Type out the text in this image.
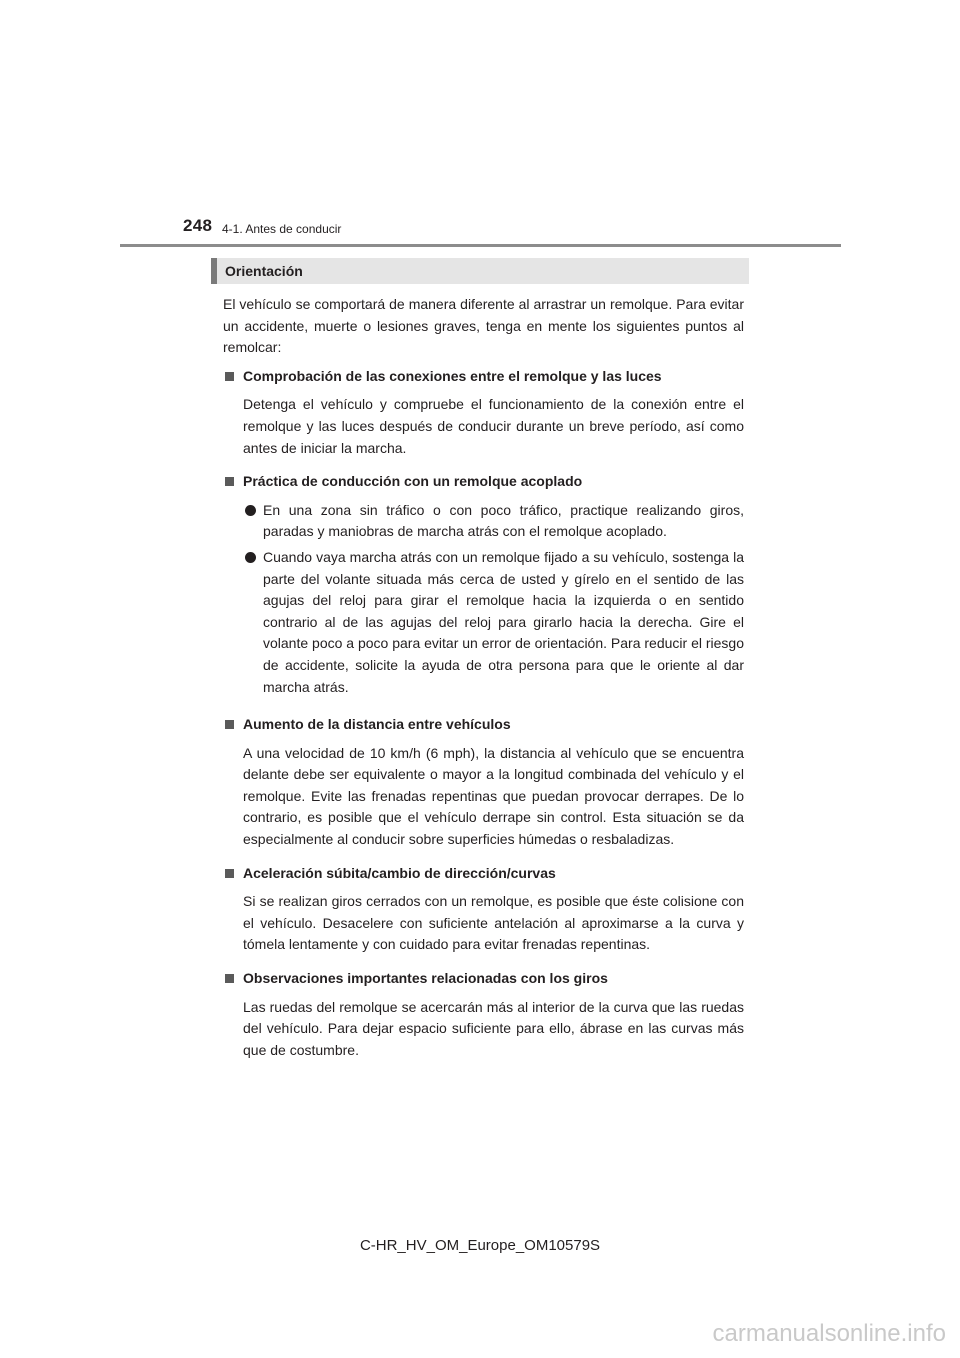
248 4-1. Antes de conducir
Orientación

El vehículo se comportará de manera diferente al arrastrar un remolque. Para evitar un accidente, muerte o lesiones graves, tenga en mente los siguientes puntos al remolcar:

Comprobación de las conexiones entre el remolque y las luces

Detenga el vehículo y compruebe el funcionamiento de la conexión entre el remolque y las luces después de conducir durante un breve período, así como antes de iniciar la marcha.

Práctica de conducción con un remolque acoplado

En una zona sin tráfico o con poco tráfico, practique realizando giros, paradas y maniobras de marcha atrás con el remolque acoplado.

Cuando vaya marcha atrás con un remolque fijado a su vehículo, sostenga la parte del volante situada más cerca de usted y gírelo en el sentido de las agujas del reloj para girar el remolque hacia la izquierda o en sentido contrario al de las agujas del reloj para girarlo hacia la derecha. Gire el volante poco a poco para evitar un error de orientación. Para reducir el riesgo de accidente, solicite la ayuda de otra persona para que le oriente al dar marcha atrás.

Aumento de la distancia entre vehículos

A una velocidad de 10 km/h (6 mph), la distancia al vehículo que se encuentra delante debe ser equivalente o mayor a la longitud combinada del vehículo y el remolque. Evite las frenadas repentinas que puedan provocar derrapes. De lo contrario, es posible que el vehículo derrape sin control. Esta situación se da especialmente al conducir sobre superficies húmedas o resbaladizas.

Aceleración súbita/cambio de dirección/curvas

Si se realizan giros cerrados con un remolque, es posible que éste colisione con el vehículo. Desacelere con suficiente antelación al aproximarse a la curva y tómela lentamente y con cuidado para evitar frenadas repentinas.

Observaciones importantes relacionadas con los giros

Las ruedas del remolque se acercarán más al interior de la curva que las ruedas del vehículo. Para dejar espacio suficiente para ello, ábrase en las curvas más que de costumbre.

C-HR_HV_OM_Europe_OM10579S
carmanualsonline.info
